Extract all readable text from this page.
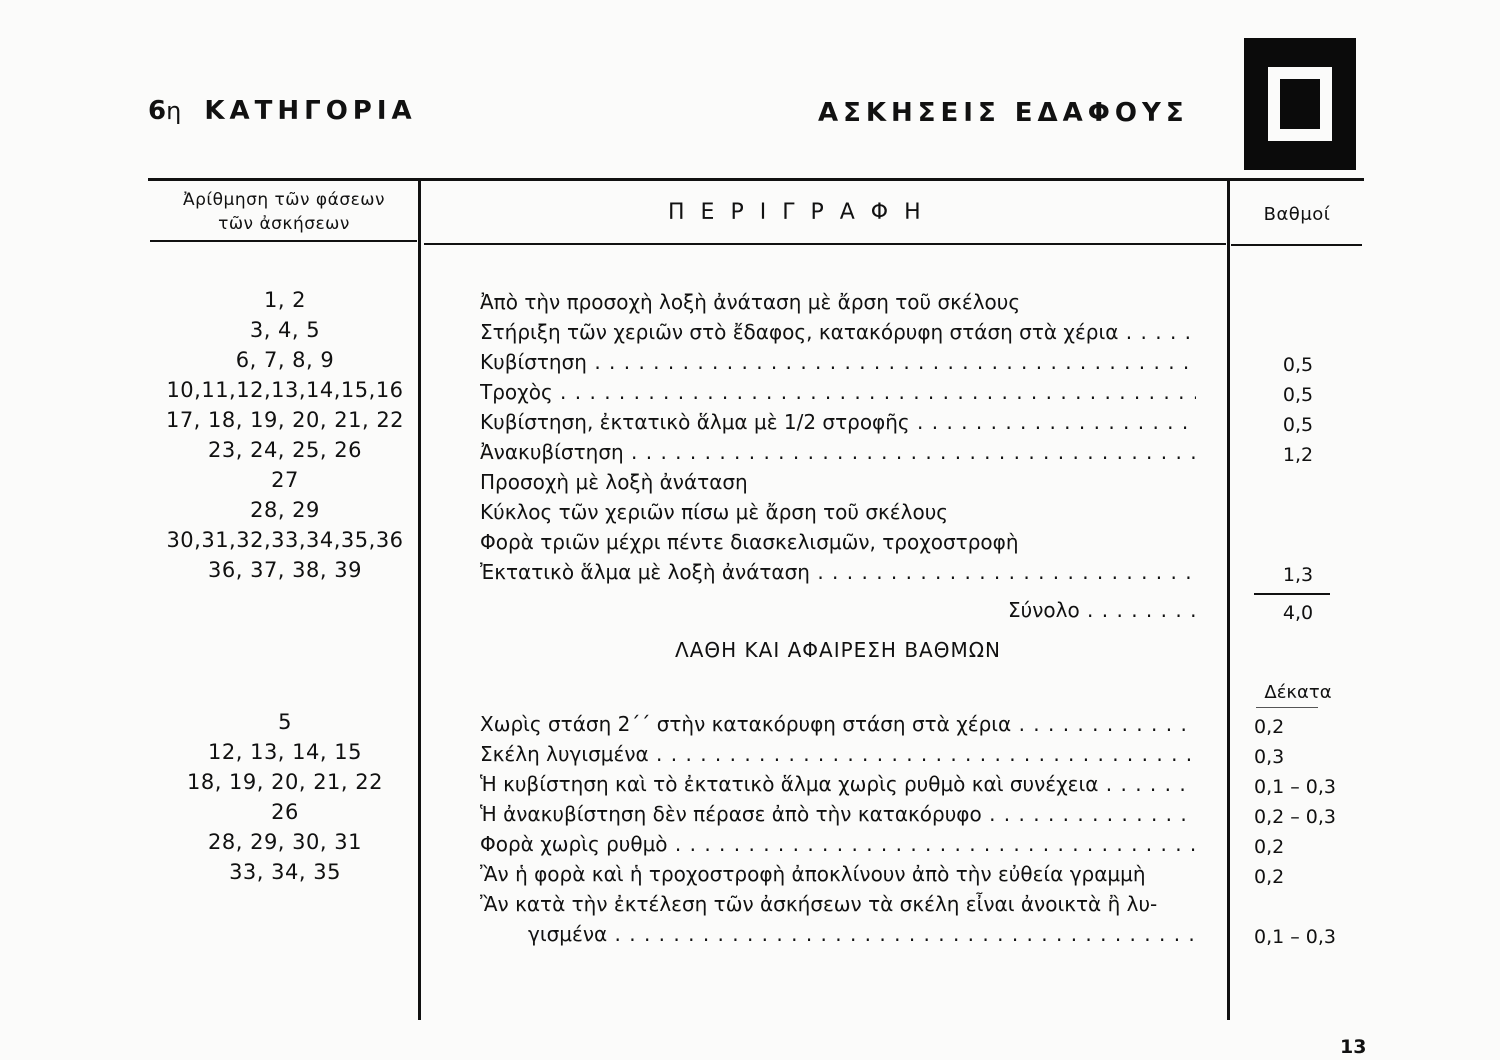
6η ΚΑΤΗΓΟΡΙΑ	ΑΣΚΗΣΕΙΣ ΕΔΑΦΟΥΣ
Ἀρίθμηση τῶν φάσεων
τῶν ἀσκήσεων	ΠΕΡΙΓΡΑΦΗ	Βαθμοί
1, 2	Ἀπὸ τὴν προσοχὴ λοξὴ ἀνάταση μὲ ἄρση τοῦ σκέλους
3, 4, 5	Στήριξη τῶν χεριῶν στὸ ἔδαφος, κατακόρυφη στάση στὰ χέρια . . .
6, 7, 8, 9	Κυβίστηση . . .	0,5
10,11,12,13,14,15,16	Τροχὸς . . .	0,5
17, 18, 19, 20, 21, 22	Κυβίστηση, ἐκτατικὸ ἅλμα μὲ 1/2 στροφῆς . . .	0,5
23, 24, 25, 26	Ἀνακυβίστηση . . .	1,2
27	Προσοχὴ μὲ λοξὴ ἀνάταση
28, 29	Κύκλος τῶν χεριῶν πίσω μὲ ἄρση τοῦ σκέλους
30,31,32,33,34,35,36	Φορὰ τριῶν μέχρι πέντε διασκελισμῶν, τροχοστροφὴ
36, 37, 38, 39	Ἐκτατικὸ ἅλμα μὲ λοξὴ ἀνάταση . . .	1,3
Σύνολο . . . . . . . .	4,0
ΛΑΘΗ ΚΑΙ ΑΦΑΙΡΕΣΗ ΒΑΘΜΩΝ
Δέκατα
5	Χωρὶς στάση 2΄΄ στὴν κατακόρυφη στάση στὰ χέρια . . .	0,2
12, 13, 14, 15	Σκέλη λυγισμένα . . .	0,3
18, 19, 20, 21, 22	Ἡ κυβίστηση καὶ τὸ ἐκτατικὸ ἅλμα χωρὶς ρυθμὸ καὶ συνέχεια . . .	0,1 – 0,3
26	Ἡ ἀνακυβίστηση δὲν πέρασε ἀπὸ τὴν κατακόρυφο . . .	0,2 – 0,3
28, 29, 30, 31	Φορὰ χωρὶς ρυθμὸ . . .	0,2
33, 34, 35	Ἂν ἡ φορὰ καὶ ἡ τροχοστροφὴ ἀποκλίνουν ἀπὸ τὴν εὐθεία γραμμὴ	0,2
Ἂν κατὰ τὴν ἐκτέλεση τῶν ἀσκήσεων τὰ σκέλη εἶναι ἀνοικτὰ ἢ λυ-
γισμένα . . .	0,1 – 0,3
13
